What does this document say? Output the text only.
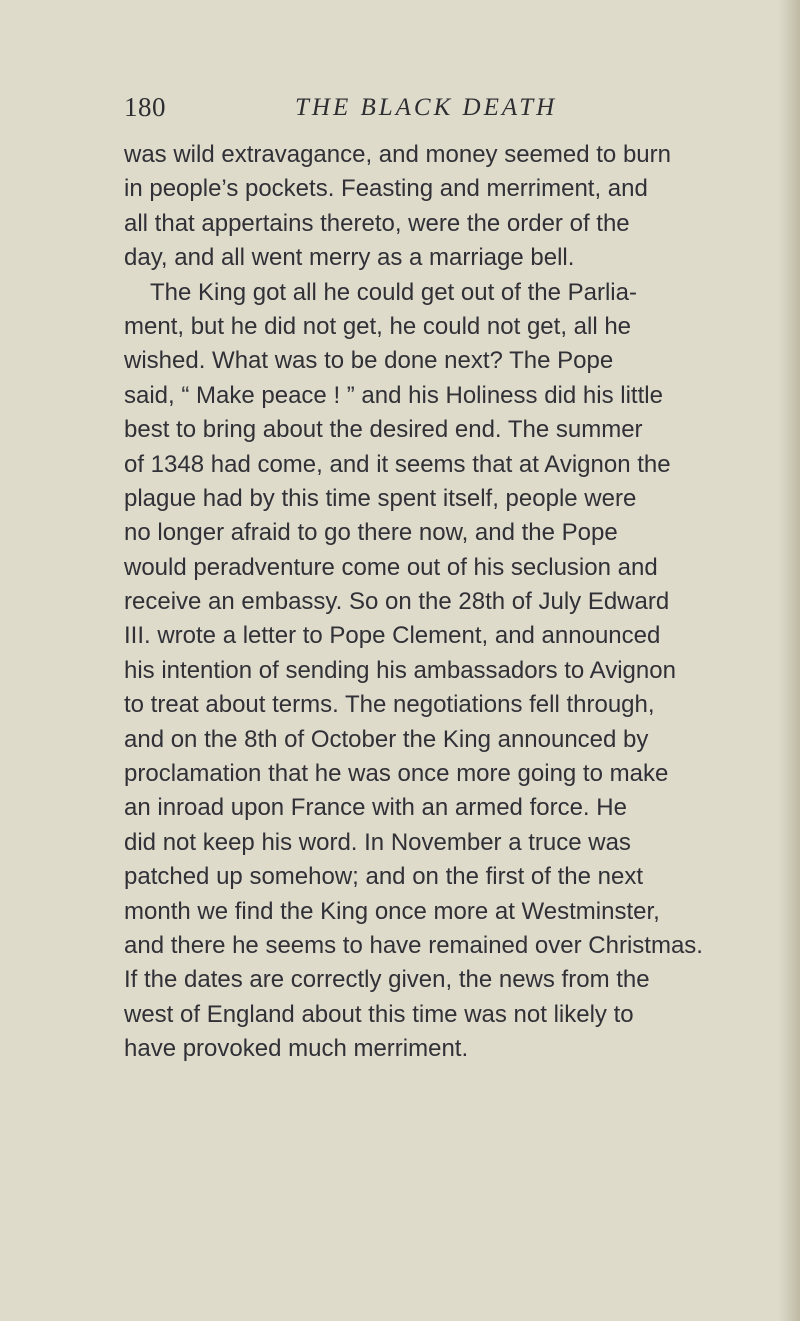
180	THE BLACK DEATH
was wild extravagance, and money seemed to burn
in people’s pockets. Feasting and merriment, and
all that appertains thereto, were the order of the
day, and all went merry as a marriage bell.
The King got all he could get out of the Parlia-
ment, but he did not get, he could not get, all he
wished. What was to be done next? The Pope
said, “ Make peace ! ” and his Holiness did his little
best to bring about the desired end. The summer
of 1348 had come, and it seems that at Avignon the
plague had by this time spent itself, people were
no longer afraid to go there now, and the Pope
would peradventure come out of his seclusion and
receive an embassy. So on the 28th of July Edward
III. wrote a letter to Pope Clement, and announced
his intention of sending his ambassadors to Avignon
to treat about terms. The negotiations fell through,
and on the 8th of October the King announced by
proclamation that he was once more going to make
an inroad upon France with an armed force. He
did not keep his word. In November a truce was
patched up somehow; and on the first of the next
month we find the King once more at Westminster,
and there he seems to have remained over Christmas.
If the dates are correctly given, the news from the
west of England about this time was not likely to
have provoked much merriment.
